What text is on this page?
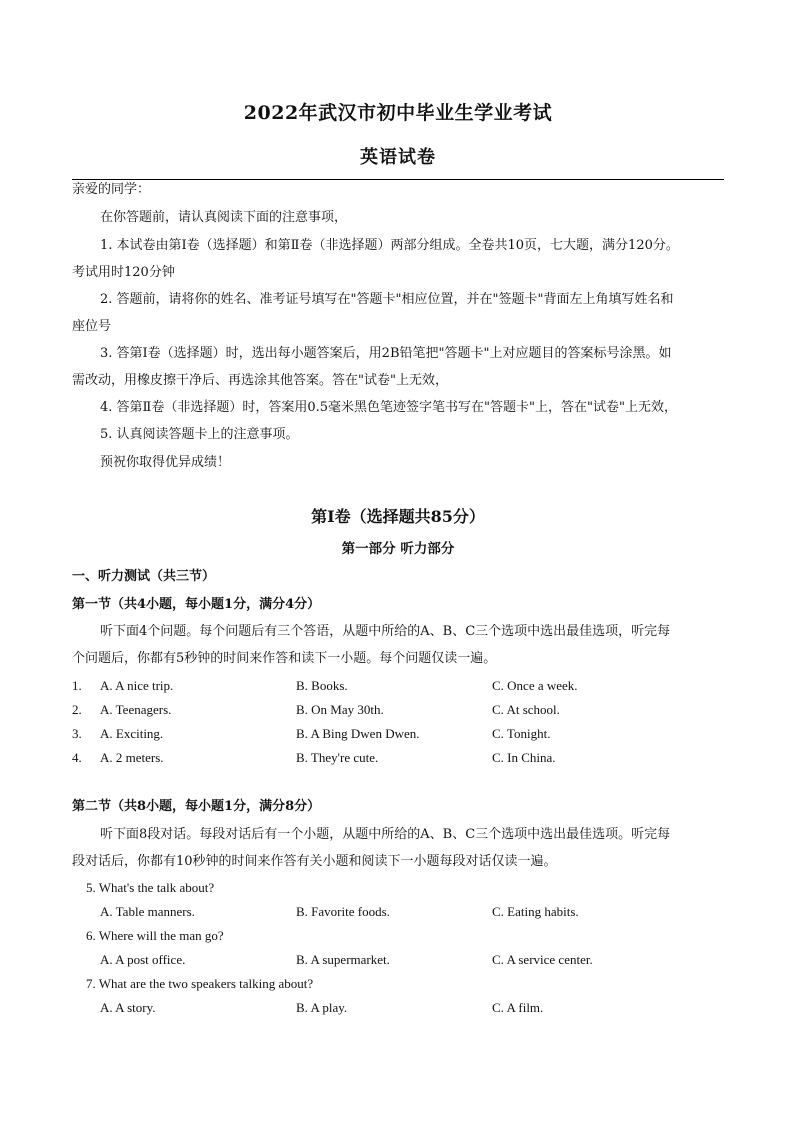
2022年武汉市初中毕业生学业考试
英语试卷
亲爱的同学：
在你答题前，请认真阅读下面的注意事项，
1. 本试卷由第Ⅰ卷（选择题）和第Ⅱ卷（非选择题）两部分组成。全卷共10页，七大题，满分120分。
考试用时120分钟
2. 答题前，请将你的姓名、准考证号填写在"答题卡"相应位置，并在"签题卡"背面左上角填写姓名和
座位号
3. 答第Ⅰ卷（选择题）时，选出每小题答案后，用2B铅笔把"答题卡"上对应题目的答案标号涂黑。如
需改动，用橡皮擦干净后、再选涂其他答案。答在"试卷"上无效，
4. 答第Ⅱ卷（非选择题）时，答案用0.5毫米黑色笔迹签字笔书写在"答题卡"上，答在"试卷"上无效，
5. 认真阅读答题卡上的注意事项。
预祝你取得优异成绩！
第Ⅰ卷（选择题共85分）
第一部分 听力部分
一、听力测试（共三节）
第一节（共4小题，每小题1分，满分4分）
听下面4个问题。每个问题后有三个答语，从题中所给的A、B、C三个选项中选出最佳选项，听完每
个问题后，你都有5秒钟的时间来作答和读下一小题。每个问题仅读一遍。
1. A. A nice trip.	B. Books.	C. Once a week.
2. A. Teenagers.	B. On May 30th.	C. At school.
3. A. Exciting.	B. A Bing Dwen Dwen.	C. Tonight.
4. A. 2 meters.	B. They're cute.	C. In China.
第二节（共8小题，每小题1分，满分8分）
听下面8段对话。每段对话后有一个小题，从题中所给的A、B、C三个选项中选出最佳选项。听完每
段对话后，你都有10秒钟的时间来作答有关小题和阅读下一小题每段对话仅读一遍。
5. What's the talk about?
A. Table manners.	B. Favorite foods.	C. Eating habits.
6. Where will the man go?
A. A post office.	B. A supermarket.	C. A service center.
7. What are the two speakers talking about?
A. A story.	B. A play.	C. A film.
